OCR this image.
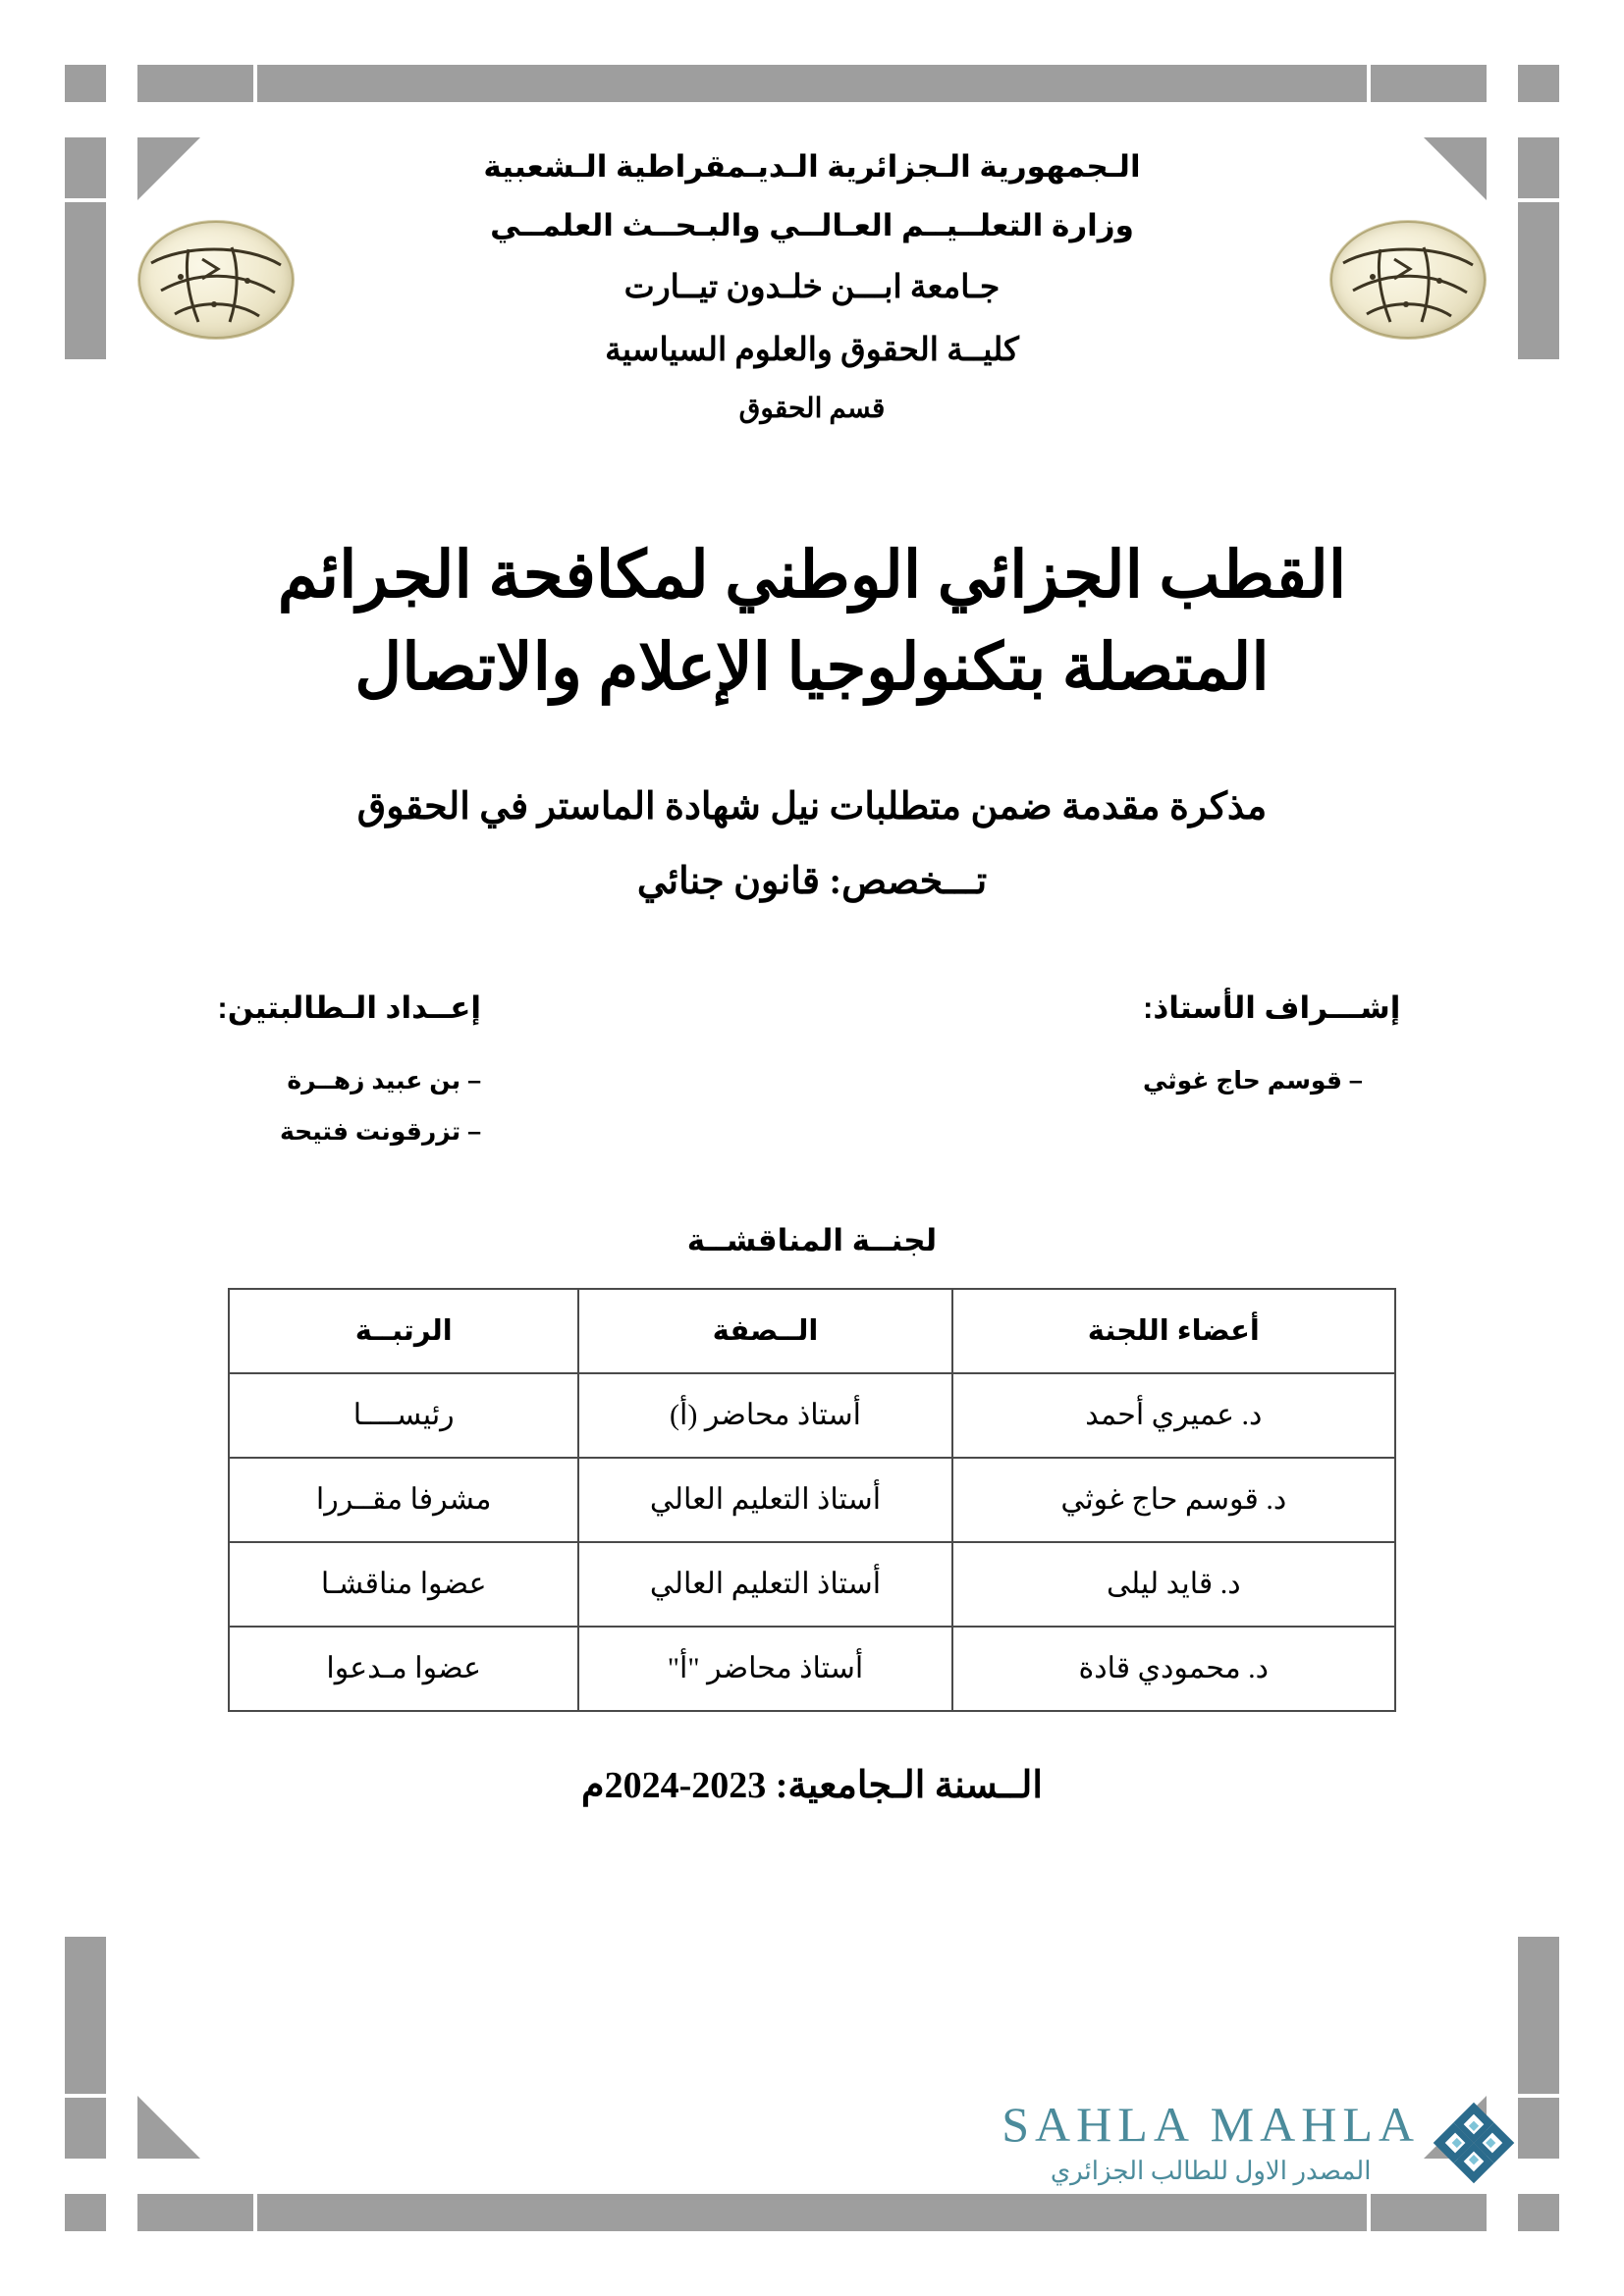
الـجمهورية الـجزائرية الـديـمقراطية الـشعبية
وزارة التعلــيــم العـالــي والبـحــث العلمــي
جـامعة ابـــن خلـدون تيــارت
كليــة الحقوق والعلوم السياسية
قسم الحقوق
القطب الجزائي الوطني لمكافحة الجرائم
المتصلة بتكنولوجيا الإعلام والاتصال
مذكرة مقدمة ضمن متطلبات نيل شهادة الماستر في الحقوق
تـــخصص: قانون جنائي
إشـــراف الأستاذ:
– قوسم حاج غوثي
إعــداد الـطالبتين:
– بن عبيد زهــرة
– تزرقونت فتيحة
لجنــة المناقشــة
أعضاء اللجنة	الــصفة	الرتبــة
د. عميري أحمد	أستاذ محاضر (أ)	رئيســــا
د. قوسم حاج غوثي	أستاذ التعليم العالي	مشرفا مقــررا
د. قايد ليلى	أستاذ التعليم العالي	عضوا مناقشـا
د. محمودي قادة	أستاذ محاضر "أ"	عضوا مـدعوا
الــسنة الـجامعية: 2023-2024م
SAHLA MAHLA
المصدر الاول للطالب الجزائري
